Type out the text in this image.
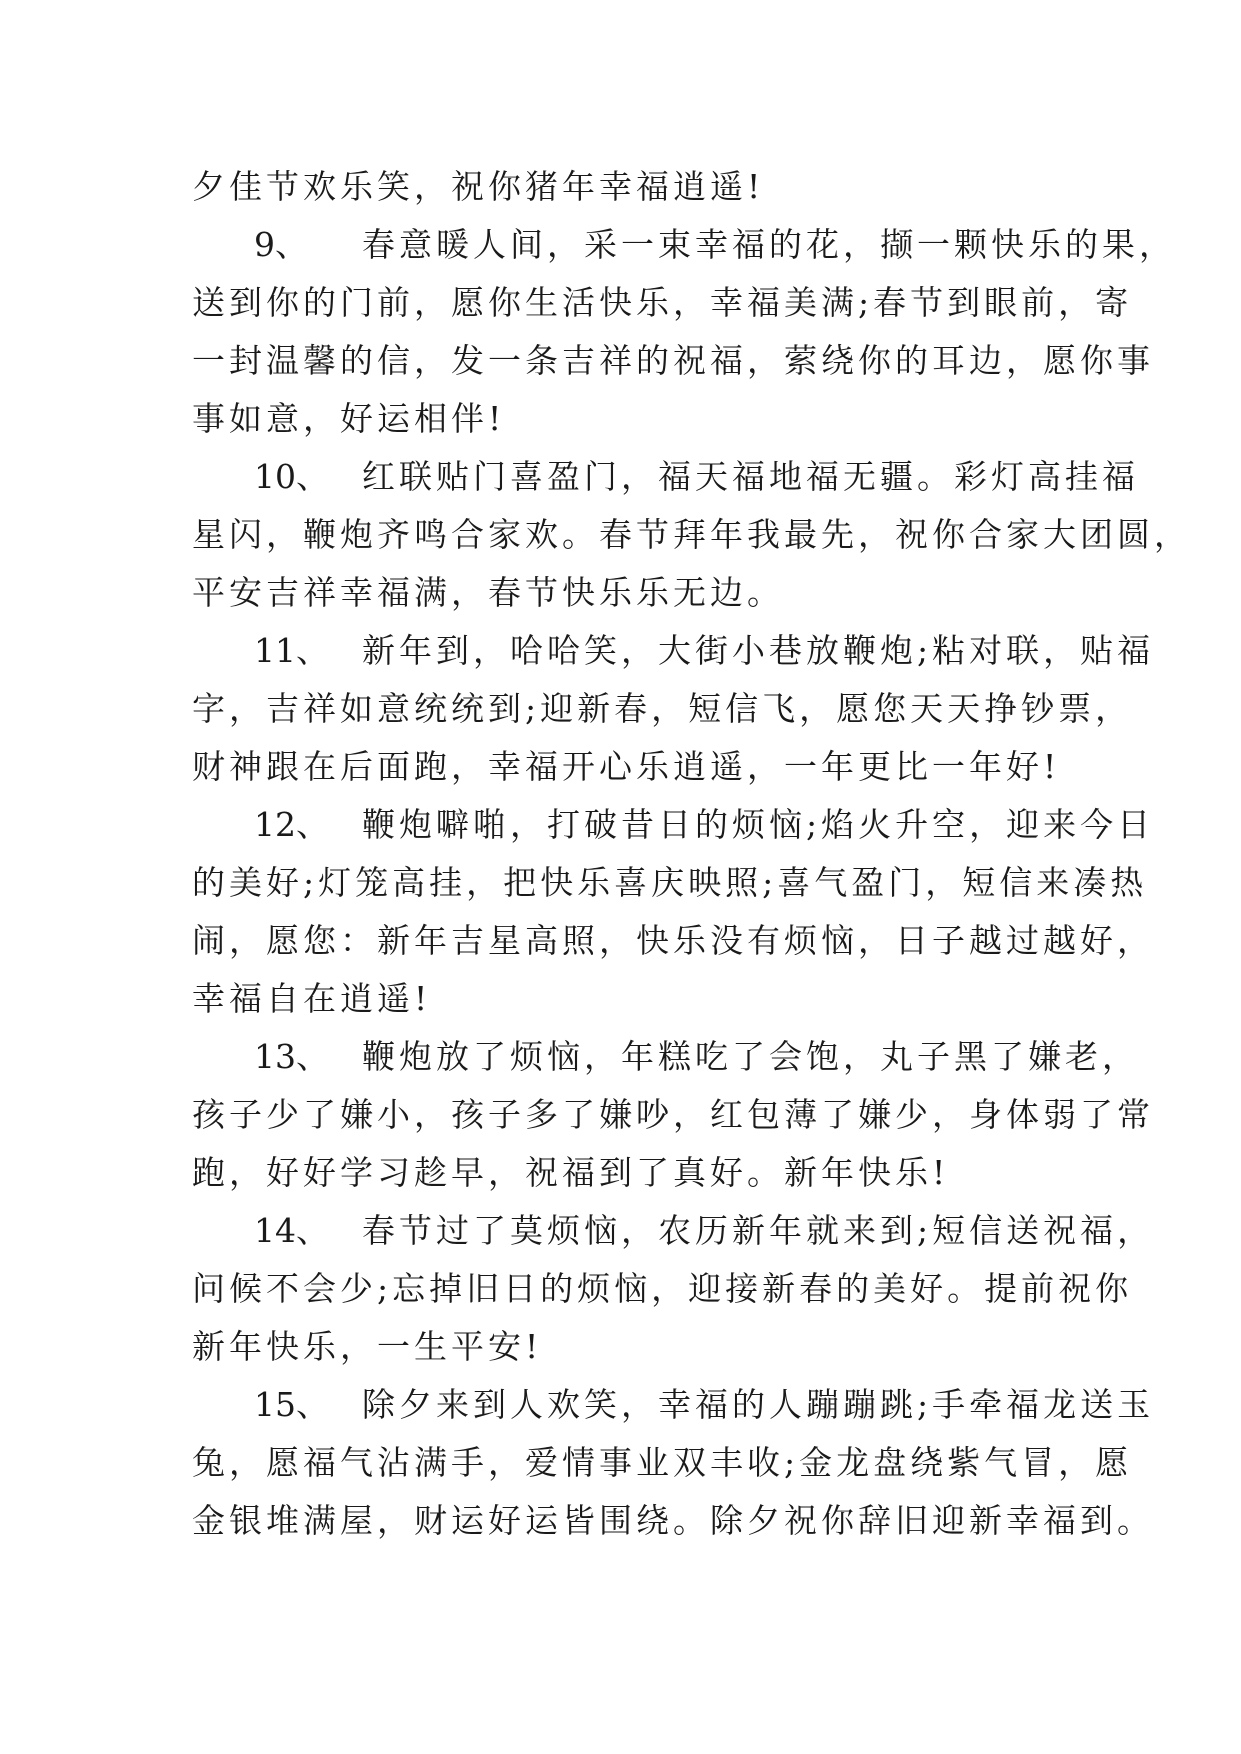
夕佳节欢乐笑，祝你猪年幸福逍遥!
9、 春意暖人间，采一束幸福的花，撷一颗快乐的果，
送到你的门前，愿你生活快乐，幸福美满;春节到眼前，寄
一封温馨的信，发一条吉祥的祝福，萦绕你的耳边，愿你事
事如意，好运相伴!
10、 红联贴门喜盈门，福天福地福无疆。彩灯高挂福
星闪，鞭炮齐鸣合家欢。春节拜年我最先，祝你合家大团圆，
平安吉祥幸福满，春节快乐乐无边。
11、 新年到，哈哈笑，大街小巷放鞭炮;粘对联，贴福
字，吉祥如意统统到;迎新春，短信飞，愿您天天挣钞票，
财神跟在后面跑，幸福开心乐逍遥，一年更比一年好!
12、 鞭炮噼啪，打破昔日的烦恼;焰火升空，迎来今日
的美好;灯笼高挂，把快乐喜庆映照;喜气盈门，短信来凑热
闹，愿您：新年吉星高照，快乐没有烦恼，日子越过越好，
幸福自在逍遥!
13、 鞭炮放了烦恼，年糕吃了会饱，丸子黑了嫌老，
孩子少了嫌小，孩子多了嫌吵，红包薄了嫌少，身体弱了常
跑，好好学习趁早，祝福到了真好。新年快乐!
14、 春节过了莫烦恼，农历新年就来到;短信送祝福，
问候不会少;忘掉旧日的烦恼，迎接新春的美好。提前祝你
新年快乐，一生平安!
15、 除夕来到人欢笑，幸福的人蹦蹦跳;手牵福龙送玉
兔，愿福气沾满手，爱情事业双丰收;金龙盘绕紫气冒，愿
金银堆满屋，财运好运皆围绕。除夕祝你辞旧迎新幸福到。
